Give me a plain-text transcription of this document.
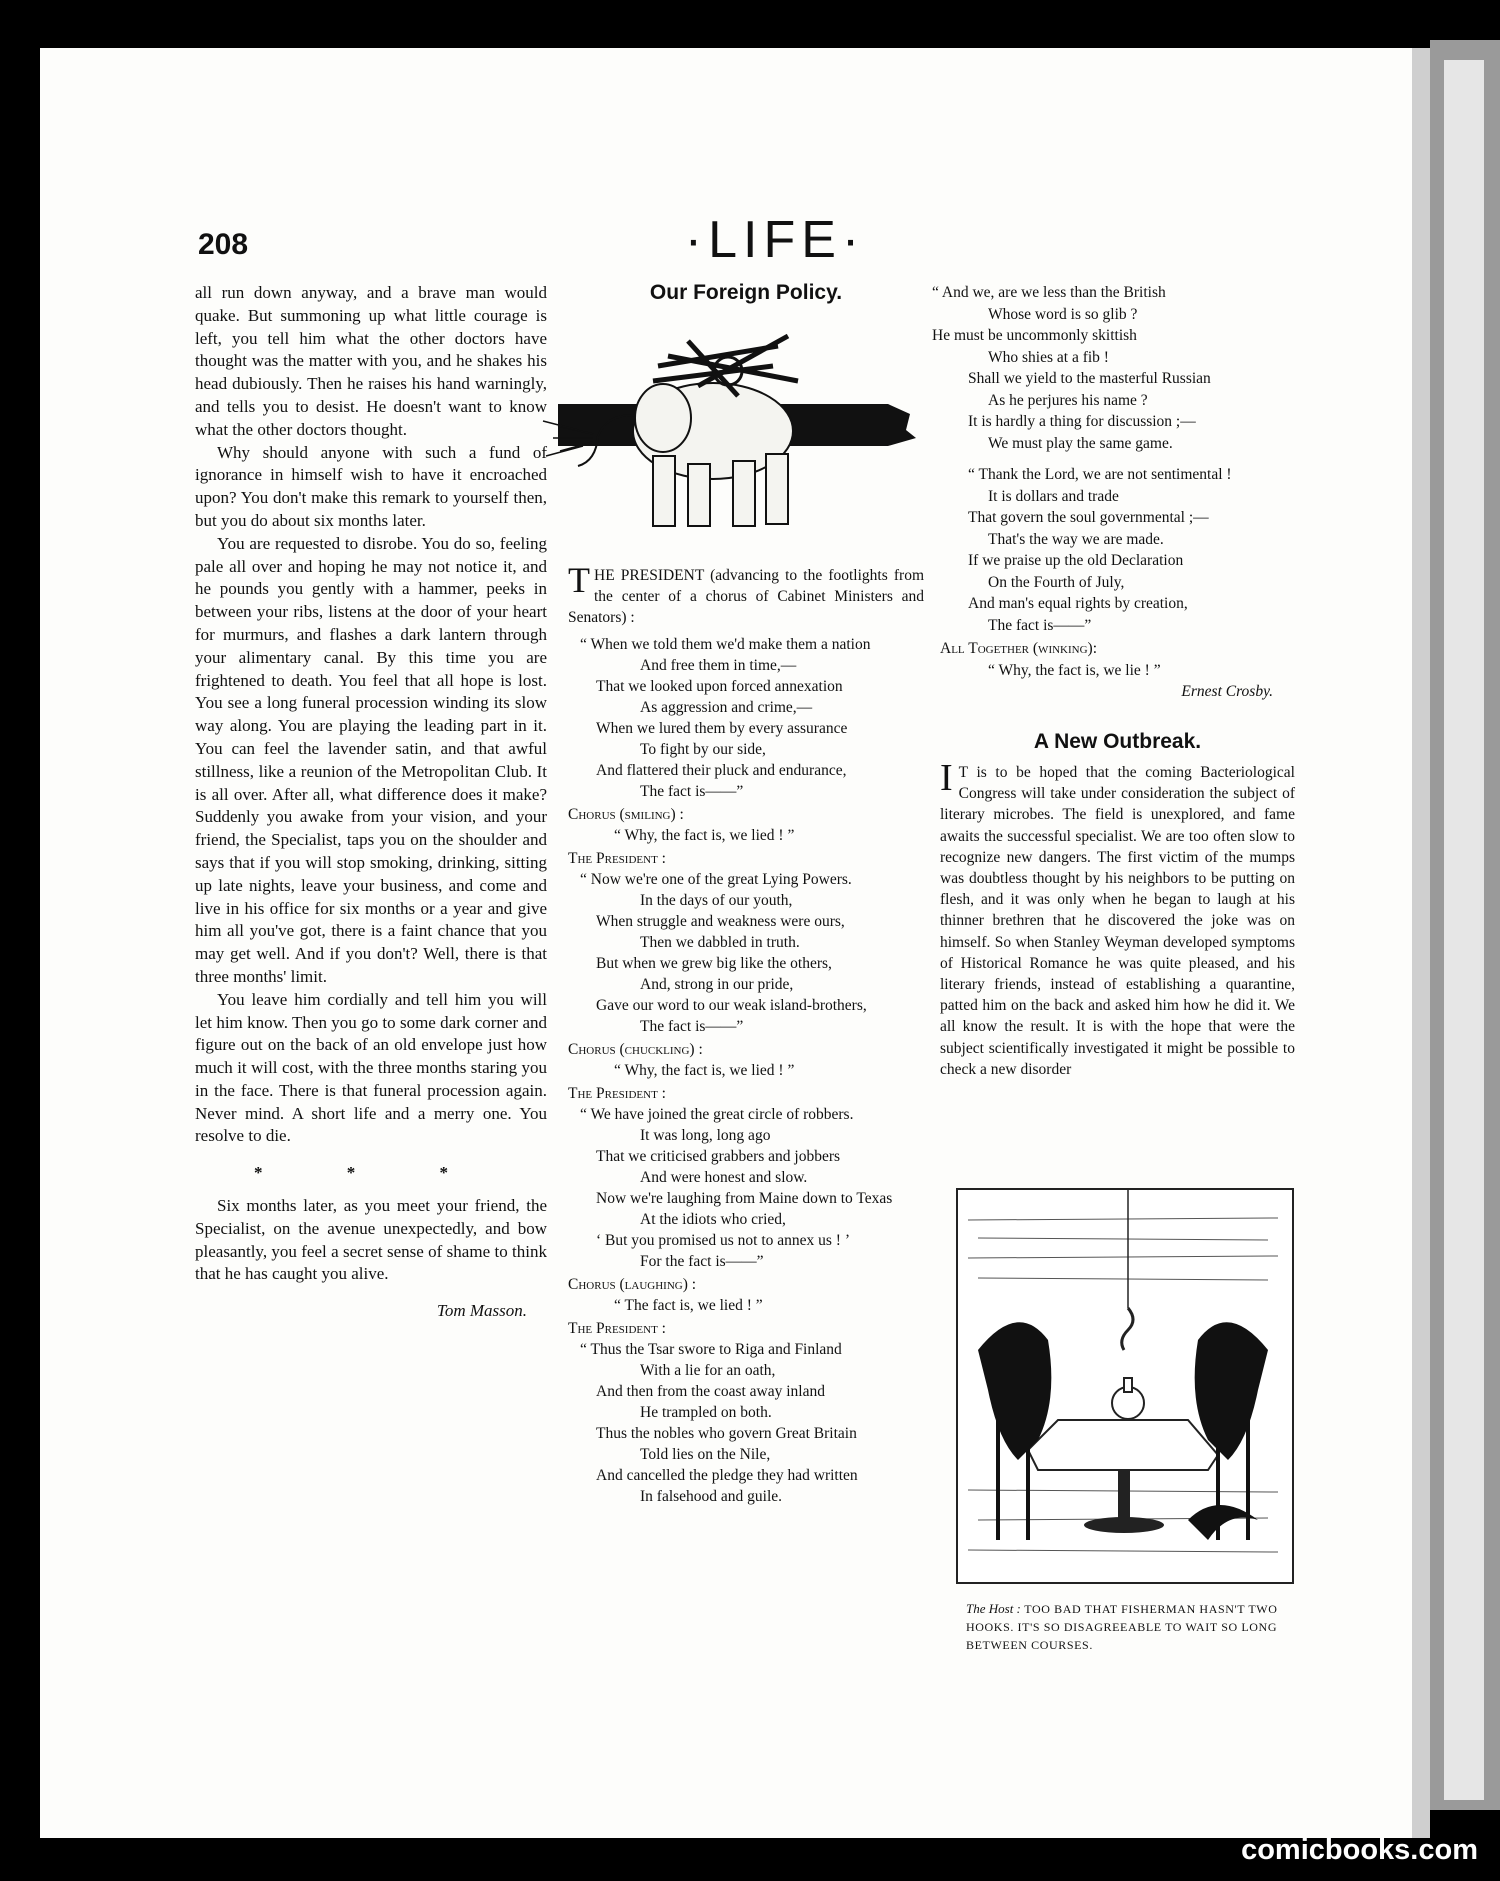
208	·LIFE·

all run down anyway, and a brave man would quake. But summoning up what little courage is left, you tell him what the other doctors have thought was the matter with you, and he shakes his head dubiously. Then he raises his hand warningly, and tells you to desist. He doesn't want to know what the other doctors thought.

Why should anyone with such a fund of ignorance in himself wish to have it encroached upon? You don't make this remark to yourself then, but you do about six months later.

You are requested to disrobe. You do so, feeling pale all over and hoping he may not notice it, and he pounds you gently with a hammer, peeks in between your ribs, listens at the door of your heart for murmurs, and flashes a dark lantern through your alimentary canal. By this time you are frightened to death. You feel that all hope is lost. You see a long funeral procession winding its slow way along. You are playing the leading part in it. You can feel the lavender satin, and that awful stillness, like a reunion of the Metropolitan Club. It is all over. After all, what difference does it make? Suddenly you awake from your vision, and your friend, the Specialist, taps you on the shoulder and says that if you will stop smoking, drinking, sitting up late nights, leave your business, and come and live in his office for six months or a year and give him all you've got, there is a faint chance that you may get well. And if you don't? Well, there is that three months' limit.

You leave him cordially and tell him you will let him know. Then you go to some dark corner and figure out on the back of an old envelope just how much it will cost, with the three months staring you in the face. There is that funeral procession again. Never mind. A short life and a merry one. You resolve to die.

* * *

Six months later, as you meet your friend, the Specialist, on the avenue unexpectedly, and bow pleasantly, you feel a secret sense of shame to think that he has caught you alive.

Tom Masson.
Our Foreign Policy.
THE PRESIDENT (advancing to the footlights from the center of a chorus of Cabinet Ministers and Senators) :
“ When we told them we'd make them a nation
And free them in time,—
That we looked upon forced annexation
As aggression and crime,—
When we lured them by every assurance
To fight by our side,
And flattered their pluck and endurance,
The fact is——”
Chorus (smiling) :
“ Why, the fact is, we lied ! ”
The President :
“ Now we're one of the great Lying Powers.
In the days of our youth,
When struggle and weakness were ours,
Then we dabbled in truth.
But when we grew big like the others,
And, strong in our pride,
Gave our word to our weak island-brothers,
The fact is——”
Chorus (chuckling) :
“ Why, the fact is, we lied ! ”
The President :
“ We have joined the great circle of robbers.
It was long, long ago
That we criticised grabbers and jobbers
And were honest and slow.
Now we're laughing from Maine down to Texas
At the idiots who cried,
‘ But you promised us not to annex us ! ’
For the fact is——”
Chorus (laughing) :
“ The fact is, we lied ! ”
The President :
“ Thus the Tsar swore to Riga and Finland
With a lie for an oath,
And then from the coast away inland
He trampled on both.
Thus the nobles who govern Great Britain
Told lies on the Nile,
And cancelled the pledge they had written
In falsehood and guile.
“ And we, are we less than the British
Whose word is so glib ?
He must be uncommonly skittish
Who shies at a fib !
Shall we yield to the masterful Russian
As he perjures his name ?
It is hardly a thing for discussion ;—
We must play the same game.
“ Thank the Lord, we are not sentimental !
It is dollars and trade
That govern the soul governmental ;—
That's the way we are made.
If we praise up the old Declaration
On the Fourth of July,
And man's equal rights by creation,
The fact is——”
All Together (winking):
“ Why, the fact is, we lie ! ”
Ernest Crosby.
A New Outbreak.

I T is to be hoped that the coming Bacteriological Congress will take under consideration the subject of literary microbes. The field is unexplored, and fame awaits the successful specialist. We are too often slow to recognize new dangers. The first victim of the mumps was doubtless thought by his neighbors to be putting on flesh, and it was only when he began to laugh at his thinner brethren that he discovered the joke was on himself. So when Stanley Weyman developed symptoms of Historical Romance he was quite pleased, and his literary friends, instead of establishing a quarantine, patted him on the back and asked him how he did it. We all know the result. It is with the hope that were the subject scientifically investigated it might be possible to check a new disorder

The Host : TOO BAD THAT FISHERMAN HASN'T TWO HOOKS. IT'S SO DISAGREEABLE TO WAIT SO LONG BETWEEN COURSES.
comicbooks.com
